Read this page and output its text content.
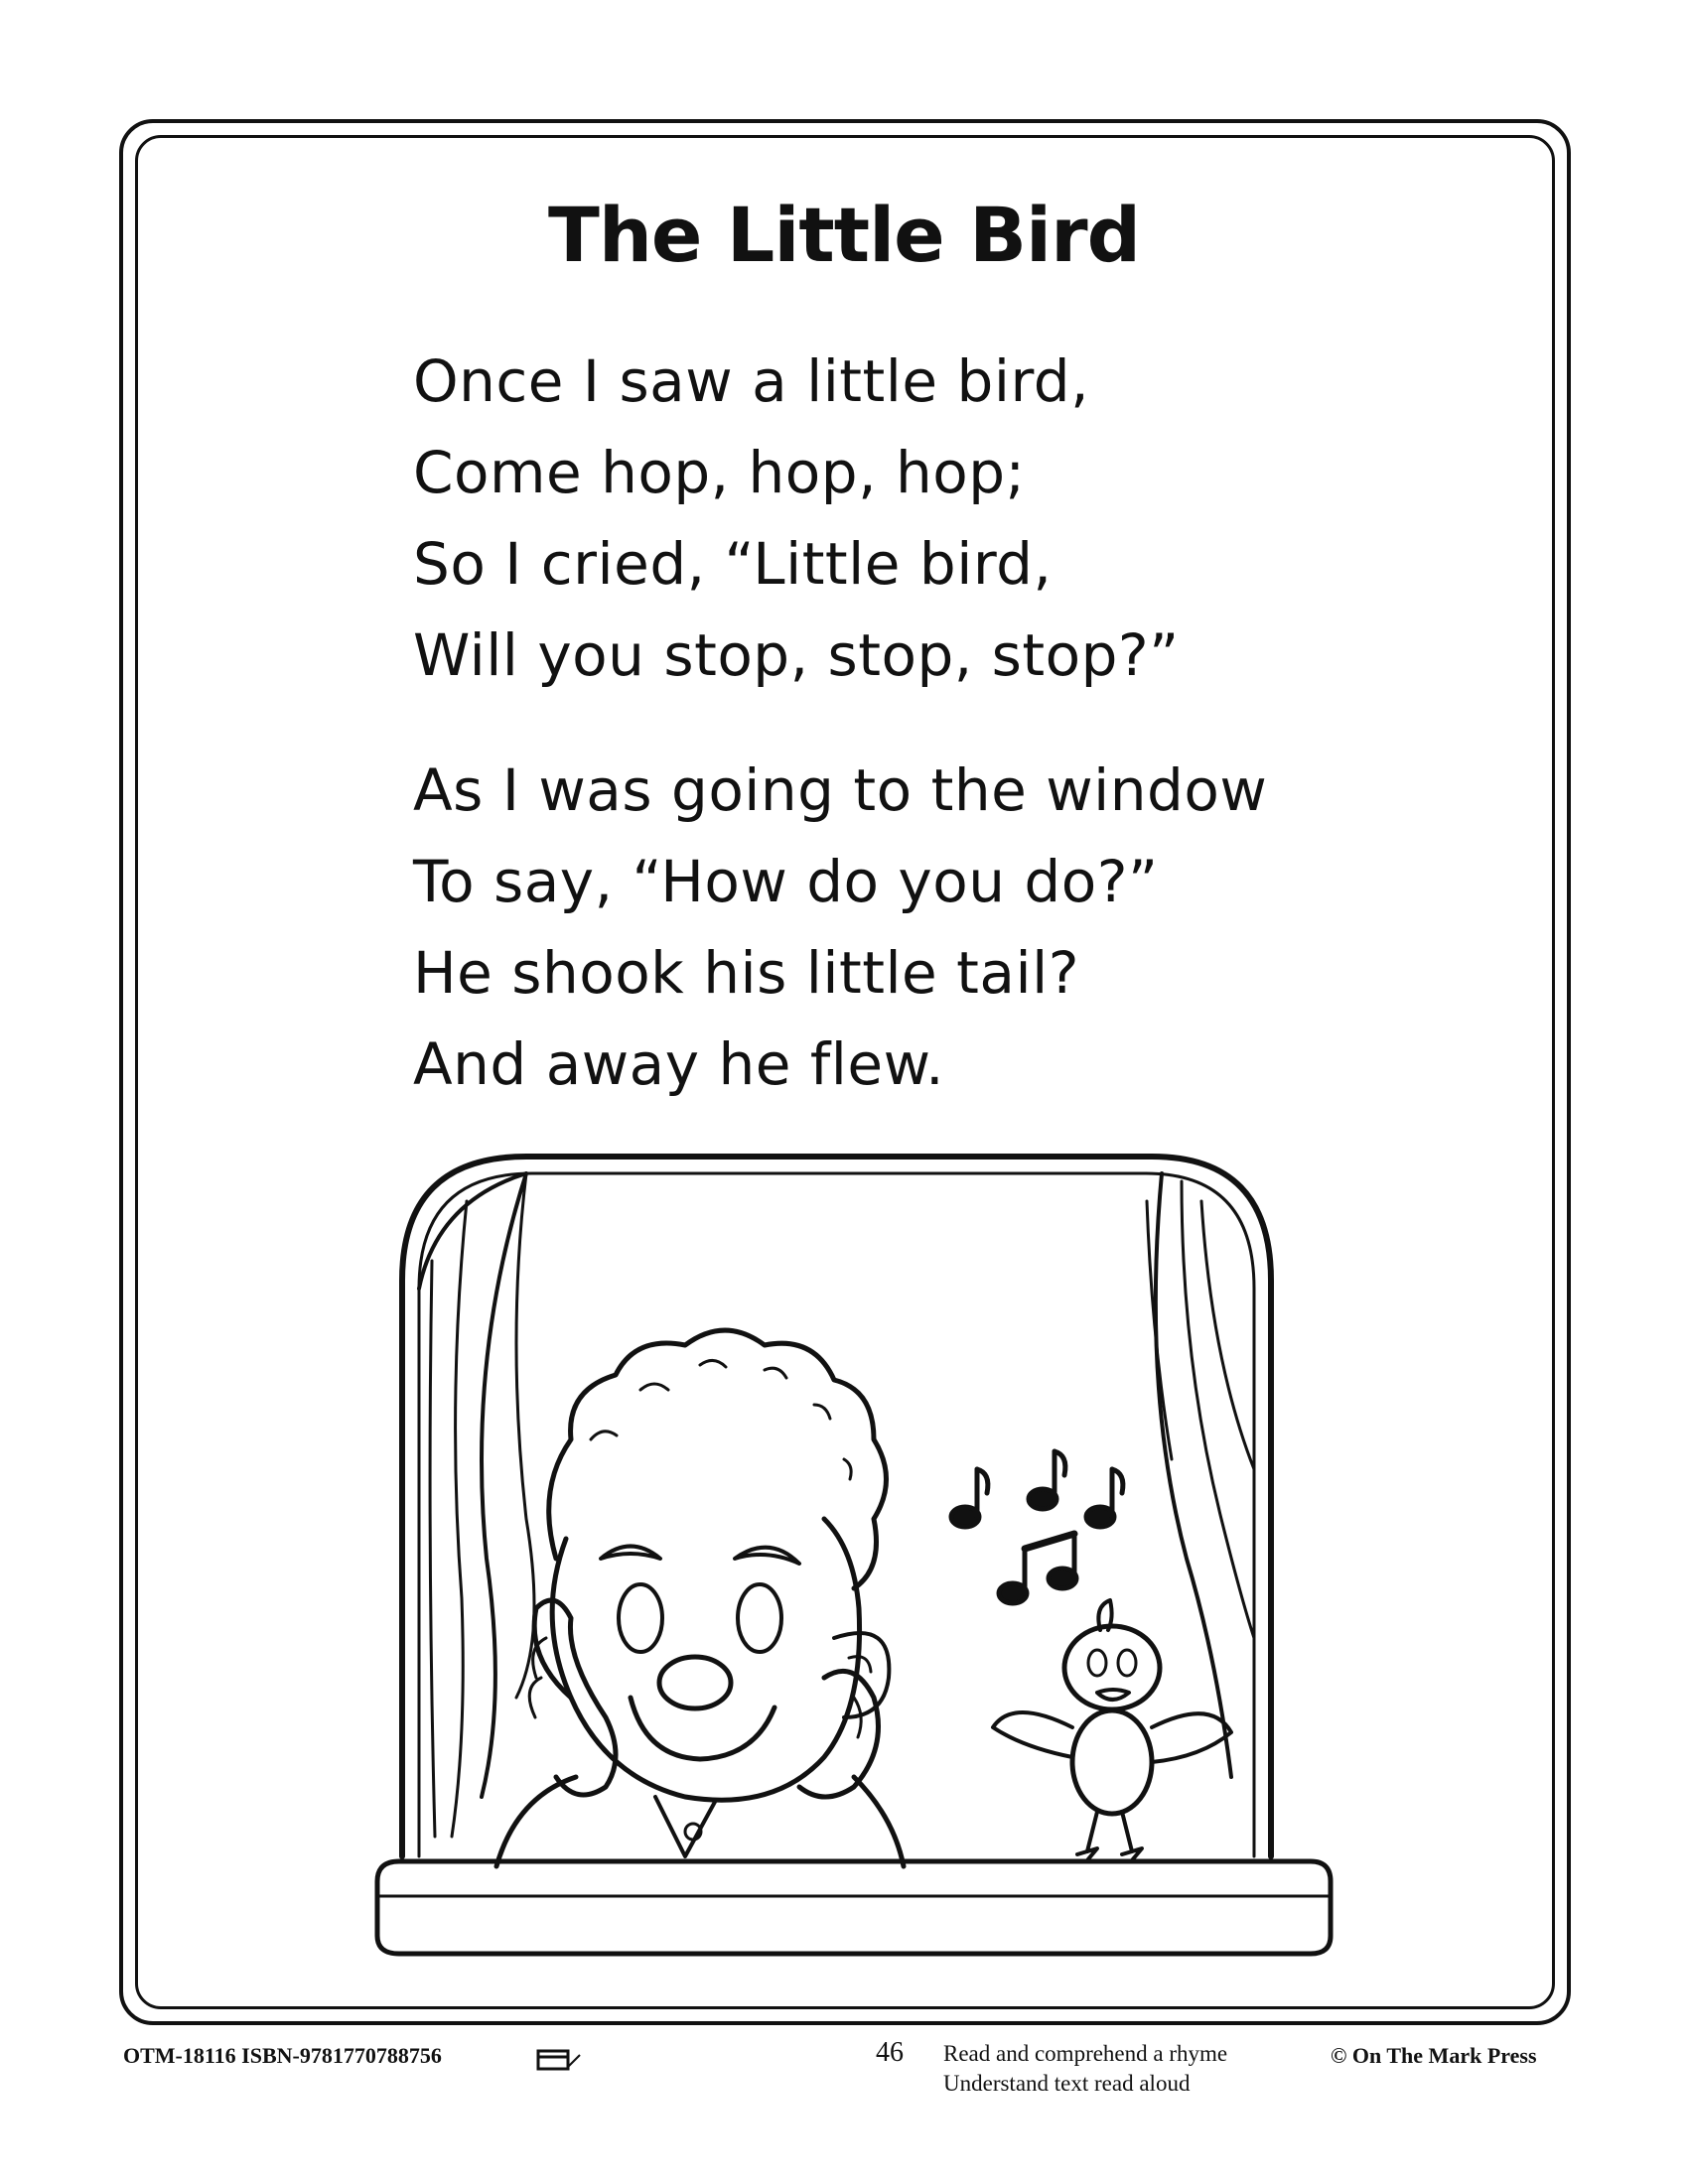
The Little Bird
Once I saw a little bird,
Come hop, hop, hop;
So I cried, “Little bird,
Will you stop, stop, stop?”
As I was going to the window
To say, “How do you do?”
He shook his little tail?
And away he flew.
OTM-18116 ISBN-9781770788756	46 Read and comprehend a rhyme
Understand text read aloud
© On The Mark Press
